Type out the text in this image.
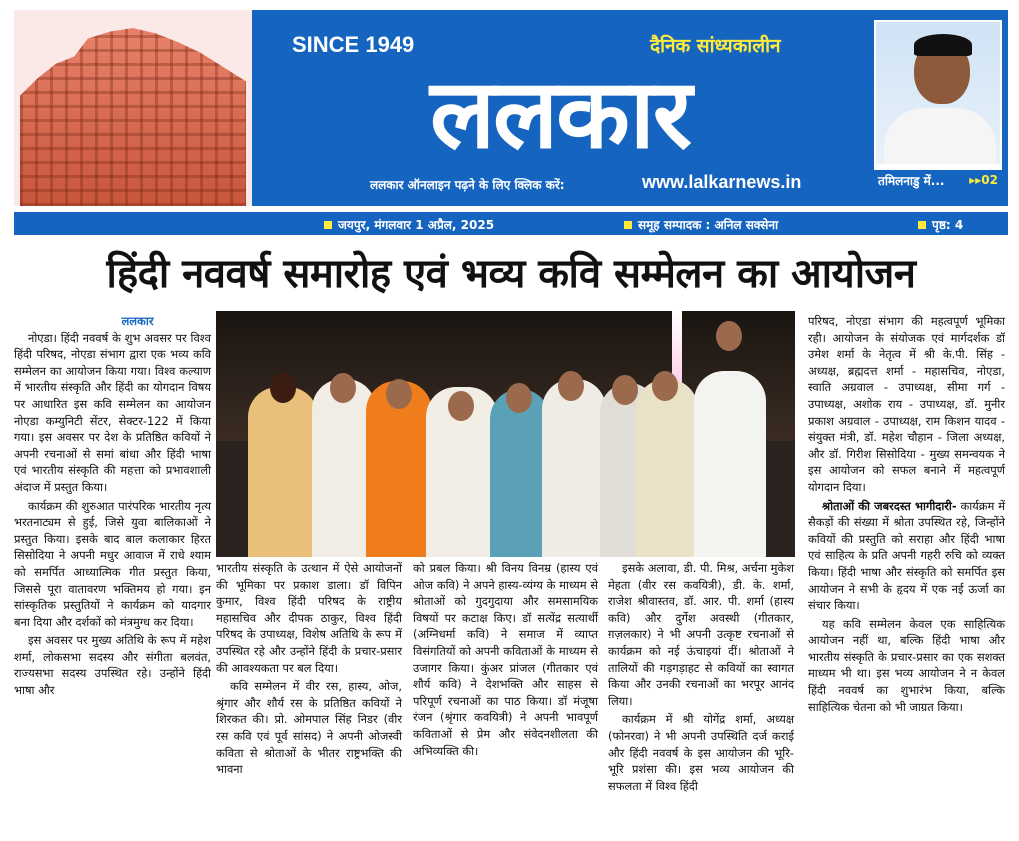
SINCE 1949	दैनिक सांध्यकालीन
ललकार
ललकार ऑनलाइन पढ़ने के लिए क्लिक करें:	www.lalkarnews.in	तमिलनाडु में... ▸▸02
जयपुर, मंगलवार 1 अप्रैल, 2025	समूह सम्पादक : अनिल सक्सेना	पृष्ठ: 4
हिंदी नववर्ष समारोह एवं भव्य कवि सम्मेलन का आयोजन
ललकार

नोएडा। हिंदी नववर्ष के शुभ अवसर पर विश्व हिंदी परिषद, नोएडा संभाग द्वारा एक भव्य कवि सम्मेलन का आयोजन किया गया। विश्व कल्याण में भारतीय संस्कृति और हिंदी का योगदान विषय पर आधारित इस कवि सम्मेलन का आयोजन नोएडा कम्युनिटी सेंटर, सेक्टर-122 में किया गया। इस अवसर पर देश के प्रतिष्ठित कवियों ने अपनी रचनाओं से समां बांधा और हिंदी भाषा एवं भारतीय संस्कृति की महत्ता को प्रभावशाली अंदाज में प्रस्तुत किया।

कार्यक्रम की शुरुआत पारंपरिक भारतीय नृत्य भरतनाट्यम से हुई, जिसे युवा बालिकाओं ने प्रस्तुत किया। इसके बाद बाल कलाकार हिरत सिसोदिया ने अपनी मधुर आवाज में राधे श्याम को समर्पित आध्यात्मिक गीत प्रस्तुत किया, जिससे पूरा वातावरण भक्तिमय हो गया। इन सांस्कृतिक प्रस्तुतियों ने कार्यक्रम को यादगार बना दिया और दर्शकों को मंत्रमुग्ध कर दिया।

इस अवसर पर मुख्य अतिथि के रूप में महेश शर्मा, लोकसभा सदस्य और संगीता बलवंत, राज्यसभा सदस्य उपस्थित रहे। उन्होंने हिंदी भाषा और

भारतीय संस्कृति के उत्थान में ऐसे आयोजनों की भूमिका पर प्रकाश डाला। डॉ विपिन कुमार, विश्व हिंदी परिषद के राष्ट्रीय महासचिव और दीपक ठाकुर, विश्व हिंदी परिषद के उपाध्यक्ष, विशेष अतिथि के रूप में उपस्थित रहे और उन्होंने हिंदी के प्रचार-प्रसार की आवश्यकता पर बल दिया।

कवि सम्मेलन में वीर रस, हास्य, ओज, श्रृंगार और शौर्य रस के प्रतिष्ठित कवियों ने शिरकत की। प्रो. ओमपाल सिंह निडर (वीर रस कवि एवं पूर्व सांसद) ने अपनी ओजस्वी कविता से श्रोताओं के भीतर राष्ट्रभक्ति की भावना

को प्रबल किया। श्री विनय विनम्र (हास्य एवं ओज कवि) ने अपने हास्य-व्यंग्य के माध्यम से श्रोताओं को गुदगुदाया और समसामयिक विषयों पर कटाक्ष किए। डॉ सत्येंद्र सत्यार्थी (अग्निधर्मा कवि) ने समाज में व्याप्त विसंगतियों को अपनी कविताओं के माध्यम से उजागर किया। कुंअर प्रांजल (गीतकार एवं शौर्य कवि) ने देशभक्ति और साहस से परिपूर्ण रचनाओं का पाठ किया। डॉ मंजूषा रंजन (श्रृंगार कवयित्री) ने अपनी भावपूर्ण कविताओं से प्रेम और संवेदनशीलता की अभिव्यक्ति की।

इसके अलावा, डी. पी. मिश्र, अर्चना मुकेश मेहता (वीर रस कवयित्री), डी. के. शर्मा, राजेश श्रीवास्तव, डॉ. आर. पी. शर्मा (हास्य कवि) और दुर्गेश अवस्थी (गीतकार, ग़ज़लकार) ने भी अपनी उत्कृष्ट रचनाओं से कार्यक्रम को नई ऊंचाइयां दीं। श्रोताओं ने तालियों की गड़गड़ाहट से कवियों का स्वागत किया और उनकी रचनाओं का भरपूर आनंद लिया।

कार्यक्रम में श्री योगेंद्र शर्मा, अध्यक्ष (फोनरवा) ने भी अपनी उपस्थिति दर्ज कराई और हिंदी नववर्ष के इस आयोजन की भूरि-भूरि प्रशंसा की। इस भव्य आयोजन की सफलता में विश्व हिंदी

परिषद, नोएडा संभाग की महत्वपूर्ण भूमिका रही। आयोजन के संयोजक एवं मार्गदर्शक डॉ उमेश शर्मा के नेतृत्व में श्री के.पी. सिंह - अध्यक्ष, ब्रह्मदत्त शर्मा - महासचिव, नोएडा, स्वाति अग्रवाल - उपाध्यक्ष, सीमा गर्ग - उपाध्यक्ष, अशोक राय - उपाध्यक्ष, डॉ. मुनीर प्रकाश अग्रवाल - उपाध्यक्ष, राम किशन यादव - संयुक्त मंत्री, डॉ. महेश चौहान - जिला अध्यक्ष, और डॉ. गिरीश सिसोदिया - मुख्य समन्वयक ने इस आयोजन को सफल बनाने में महत्वपूर्ण योगदान दिया।

श्रोताओं की जबरदस्त भागीदारी- कार्यक्रम में सैकड़ों की संख्या में श्रोता उपस्थित रहे, जिन्होंने कवियों की प्रस्तुति को सराहा और हिंदी भाषा एवं साहित्य के प्रति अपनी गहरी रुचि को व्यक्त किया। हिंदी भाषा और संस्कृति को समर्पित इस आयोजन ने सभी के हृदय में एक नई ऊर्जा का संचार किया।

यह कवि सम्मेलन केवल एक साहित्यिक आयोजन नहीं था, बल्कि हिंदी भाषा और भारतीय संस्कृति के प्रचार-प्रसार का एक सशक्त माध्यम भी था। इस भव्य आयोजन ने न केवल हिंदी नववर्ष का शुभारंभ किया, बल्कि साहित्यिक चेतना को भी जाग्रत किया।
